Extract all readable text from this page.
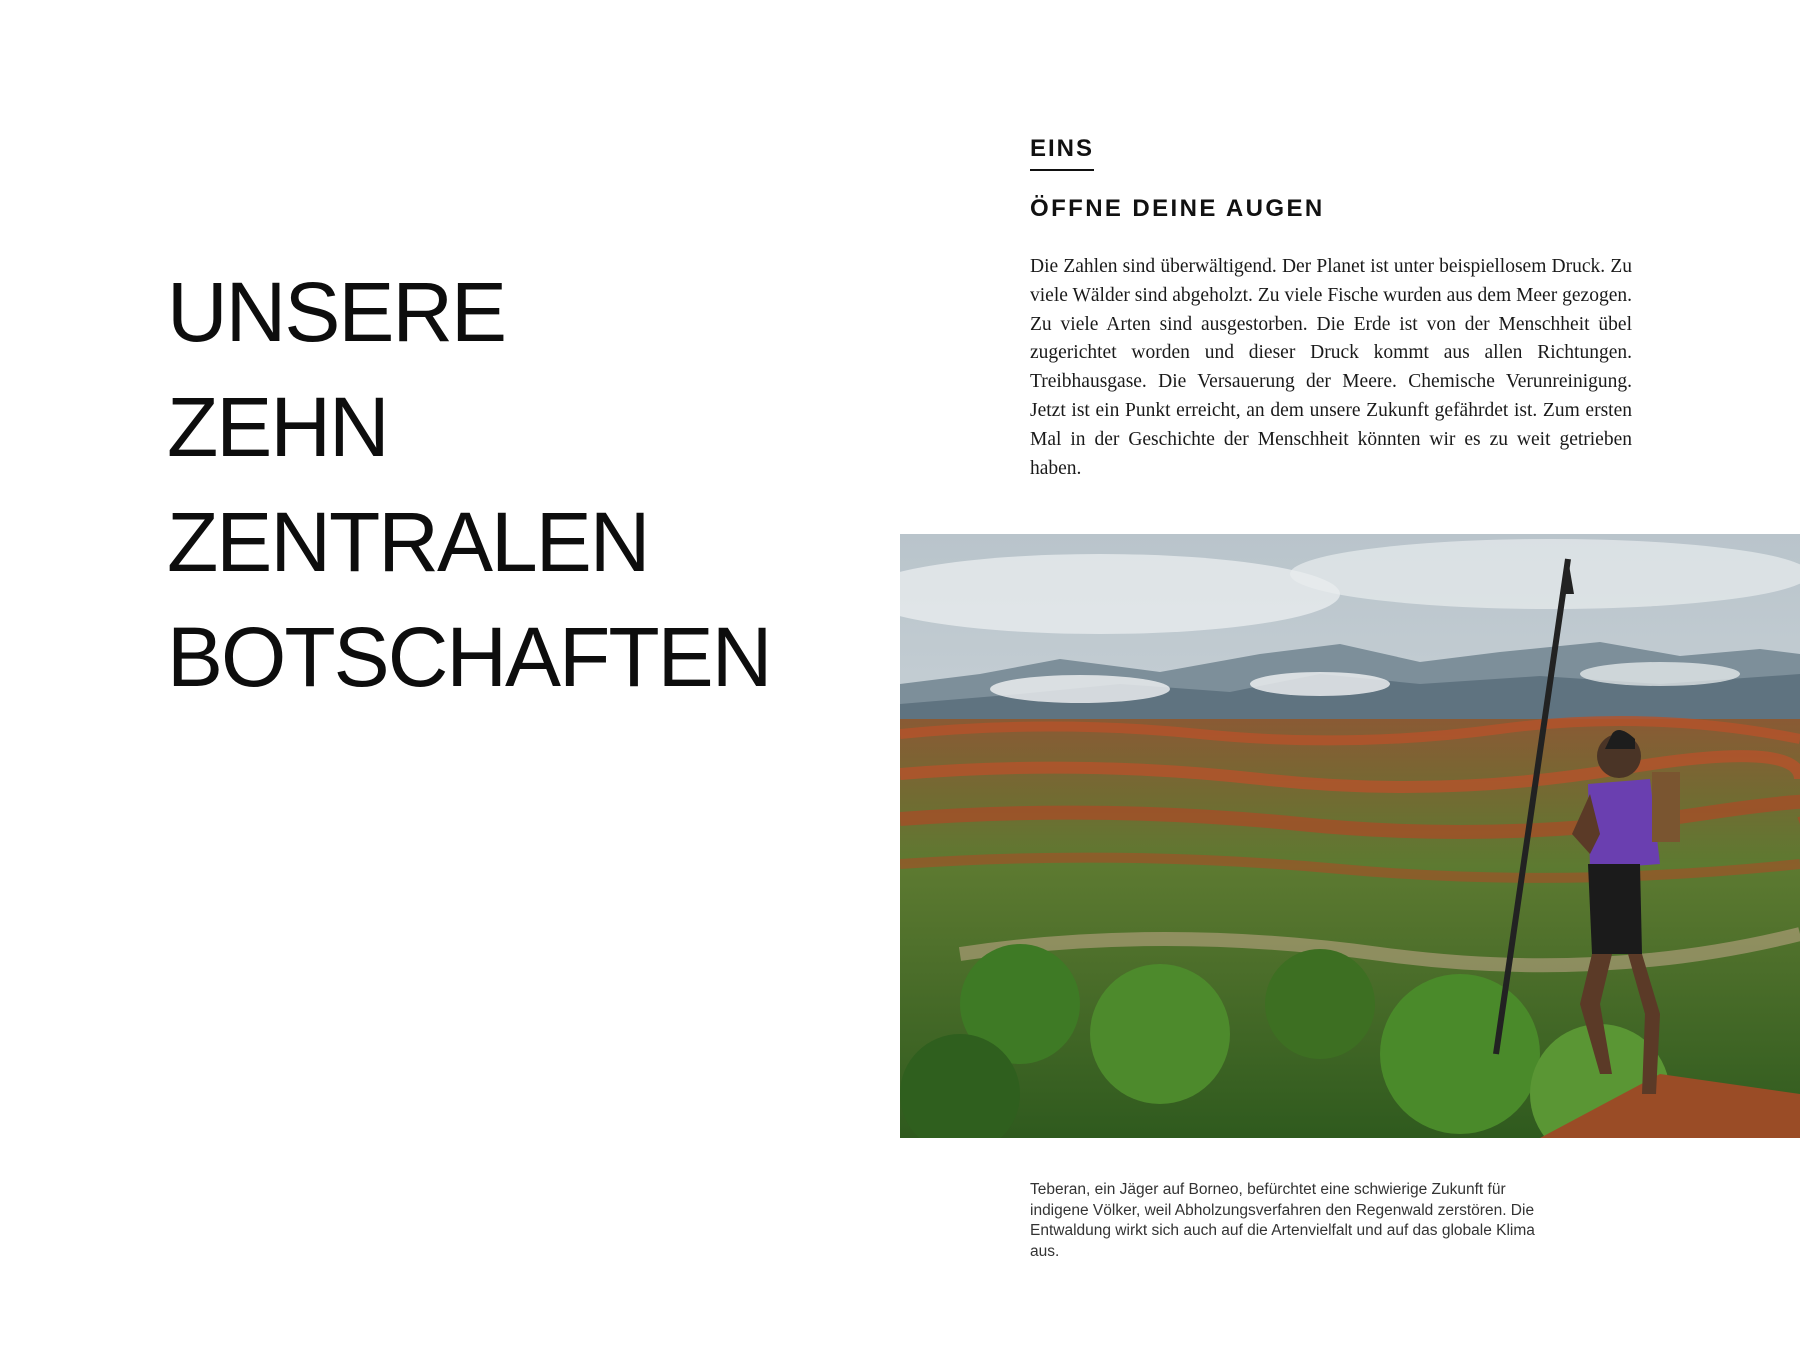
UNSERE
ZEHN
ZENTRALEN
BOTSCHAFTEN
EINS
ÖFFNE DEINE AUGEN

Die Zahlen sind überwältigend. Der Planet ist unter beispiellosem Druck. Zu viele Wälder sind abgeholzt. Zu viele Fische wurden aus dem Meer gezogen. Zu viele Arten sind ausgestorben. Die Erde ist von der Menschheit übel zugerichtet worden und dieser Druck kommt aus allen Richtungen. Treibhausgase. Die Versauerung der Meere. Chemische Verunreinigung. Jetzt ist ein Punkt erreicht, an dem unsere Zukunft gefährdet ist. Zum ersten Mal in der Geschichte der Menschheit könnten wir es zu weit getrieben haben.

Teberan, ein Jäger auf Borneo, befürchtet eine schwierige Zukunft für indigene Völker, weil Abholzungsverfahren den Regenwald zerstören. Die Entwaldung wirkt sich auch auf die Artenvielfalt und auf das globale Klima aus.
